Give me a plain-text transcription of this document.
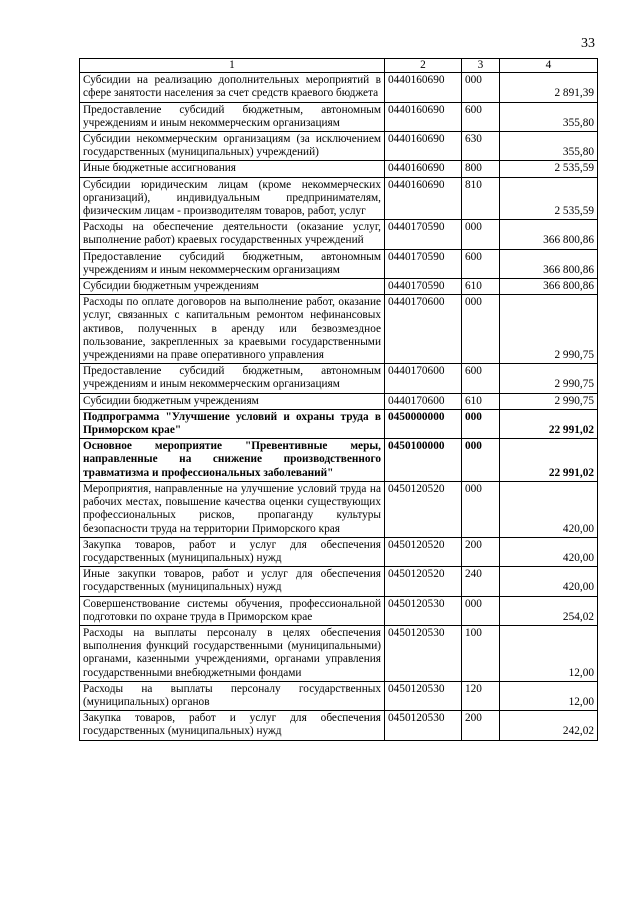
33
1	2	3	4

Субсидии на реализацию дополнительных мероприятий в сфере занятости населения за счет средств краевого бюджета	0440160690	000	2 891,39

Предоставление субсидий бюджетным, автономным учреждениям и иным некоммерческим организациям	0440160690	600	355,80

Субсидии некоммерческим организациям (за исключением государственных (муниципальных) учреждений)	0440160690	630	355,80

Иные бюджетные ассигнования	0440160690	800	2 535,59

Субсидии юридическим лицам (кроме некоммерческих организаций), индивидуальным предпринимателям, физическим лицам - производителям товаров, работ, услуг	0440160690	810	2 535,59

Расходы на обеспечение деятельности (оказание услуг, выполнение работ) краевых государственных учреждений	0440170590	000	366 800,86

Предоставление субсидий бюджетным, автономным учреждениям и иным некоммерческим организациям	0440170590	600	366 800,86

Субсидии бюджетным учреждениям	0440170590	610	366 800,86

Расходы по оплате договоров на выполнение работ, оказание услуг, связанных с капитальным ремонтом нефинансовых активов, полученных в аренду или безвозмездное пользование, закрепленных за краевыми государственными учреждениями на праве оперативного управления	0440170600	000	2 990,75

Предоставление субсидий бюджетным, автономным учреждениям и иным некоммерческим организациям	0440170600	600	2 990,75

Субсидии бюджетным учреждениям	0440170600	610	2 990,75

Подпрограмма "Улучшение условий и охраны труда в Приморском крае"	0450000000	000	22 991,02

Основное мероприятие "Превентивные меры, направленные на снижение производственного травматизма и профессиональных заболеваний"	0450100000	000	22 991,02

Мероприятия, направленные на улучшение условий труда на рабочих местах, повышение качества оценки существующих профессиональных рисков, пропаганду культуры безопасности труда на территории Приморского края	0450120520	000	420,00

Закупка товаров, работ и услуг для обеспечения государственных (муниципальных) нужд	0450120520	200	420,00

Иные закупки товаров, работ и услуг для обеспечения государственных (муниципальных) нужд	0450120520	240	420,00

Совершенствование системы обучения, профессиональной подготовки по охране труда в Приморском крае	0450120530	000	254,02

Расходы на выплаты персоналу в целях обеспечения выполнения функций государственными (муниципальными) органами, казенными учреждениями, органами управления государственными внебюджетными фондами	0450120530	100	12,00

Расходы на выплаты персоналу государственных (муниципальных) органов	0450120530	120	12,00

Закупка товаров, работ и услуг для обеспечения государственных (муниципальных) нужд	0450120530	200	242,02
